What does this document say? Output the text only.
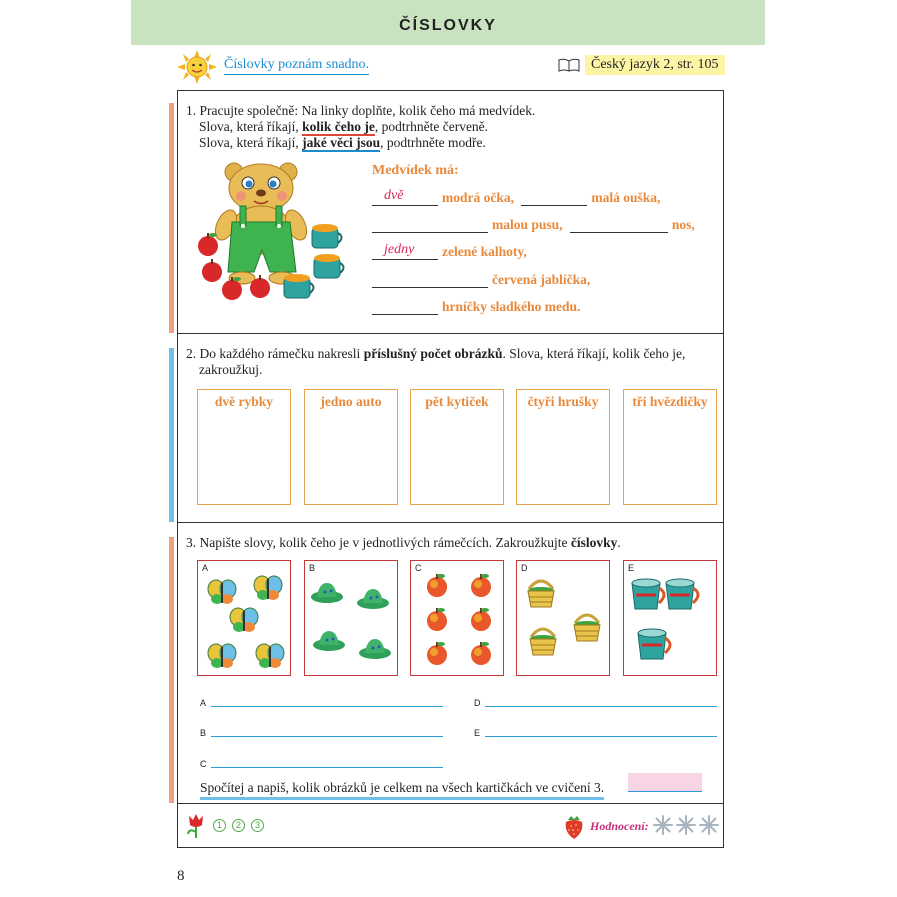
ČÍSLOVKY
Číslovky poznám snadno.	Český jazyk 2, str. 105
1. Pracujte společně: Na linky doplňte, kolik čeho má medvídek.
Slova, která říkají, kolik čeho je, podtrhněte červeně.
Slova, která říkají, jaké věci jsou, podtrhněte modře.
Medvídek má:
dvě	modrá očka,	malá ouška,
malou pusu,	nos,
jedny zelené kalhoty,
červená jablíčka,
hrníčky sladkého medu.
2. Do každého rámečku nakresli příslušný počet obrázků. Slova, která říkají, kolik čeho je,
zakroužkuj.
dvě rybky	jedno auto	pět kytiček	čtyři hrušky	tři hvězdičky
3. Napište slovy, kolik čeho je v jednotlivých rámečcích. Zakroužkujte číslovky.
A	B	C	D	E
A
B
C
D
E
Spočítej a napiš, kolik obrázků je celkem na všech kartičkách ve cvičení 3.
1	2	3	Hodnocení:
8
